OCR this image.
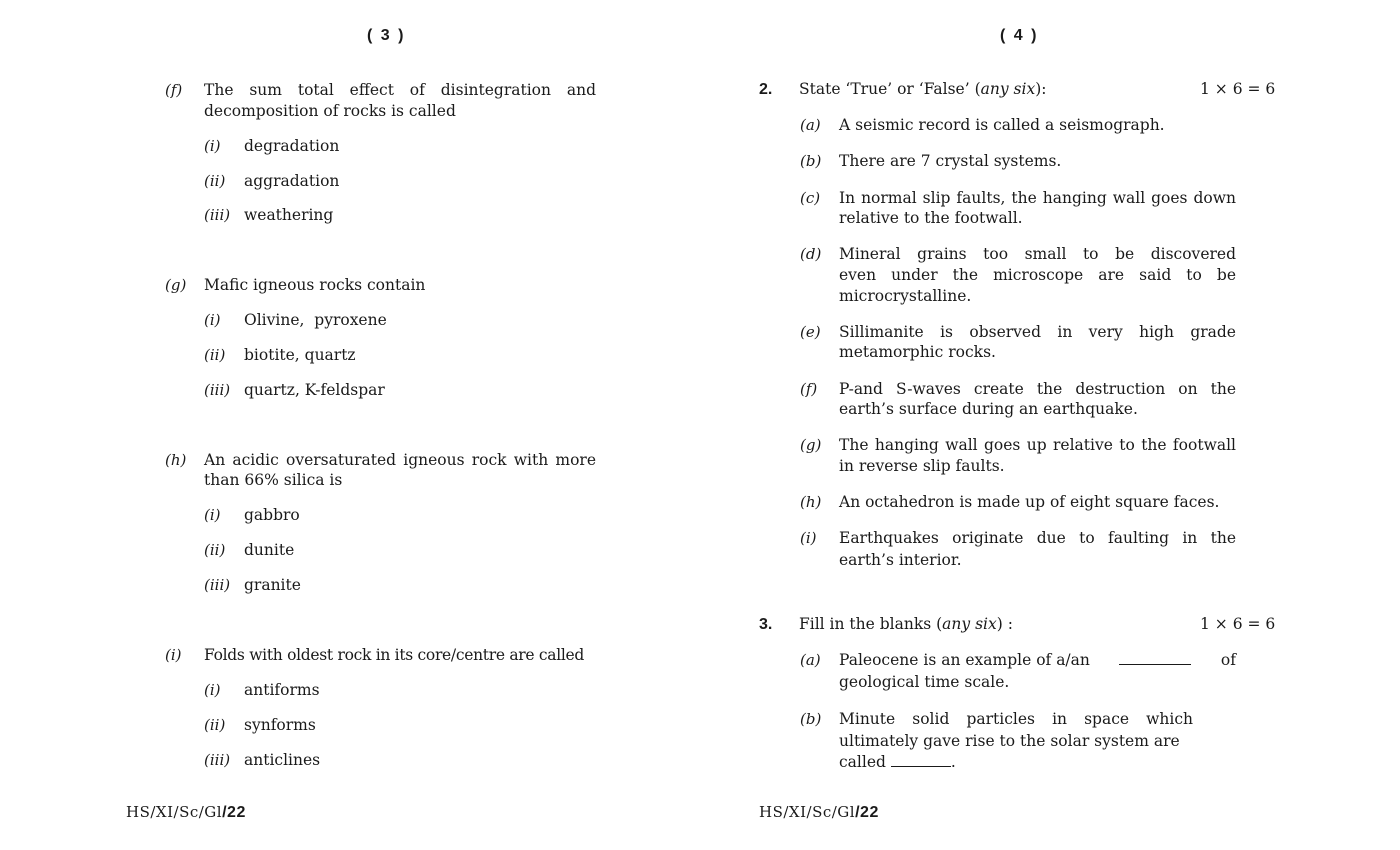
( 3 )
(f) The sum total effect of disintegration and
decomposition of rocks is called
(i) degradation
(ii) aggradation
(iii) weathering
(g) Mafic igneous rocks contain
(i) Olivine,  pyroxene
(ii) biotite, quartz
(iii) quartz, K-feldspar
(h) An acidic oversaturated igneous rock with more
than 66% silica is
(i) gabbro
(ii) dunite
(iii) granite
(i) Folds with oldest rock in its core/centre are called
(i) antiforms
(ii) synforms
(iii) anticlines
HS/XI/Sc/Gl/22
( 4 )
2. State ‘True’ or ‘False’ (any six):	1 × 6 = 6
(a) A seismic record is called a seismograph.
(b) There are 7 crystal systems.
(c) In normal slip faults, the hanging wall goes down
relative to the footwall.
(d) Mineral grains too small to be discovered
even under the microscope are said to be
microcrystalline.
(e) Sillimanite is observed in very high grade
metamorphic rocks.
(f) P-and S-waves create the destruction on the
earth’s surface during an earthquake.
(g) The hanging wall goes up relative to the footwall
in reverse slip faults.
(h) An octahedron is made up of eight square faces.
(i) Earthquakes originate due to faulting in the
earth’s interior.
3. Fill in the blanks (any six) :	1 × 6 = 6
(a) Paleocene is an example of a/an	of
geological time scale.
(b) Minute solid particles in space which
ultimately gave rise to the solar system are
called	.
HS/XI/Sc/Gl/22
